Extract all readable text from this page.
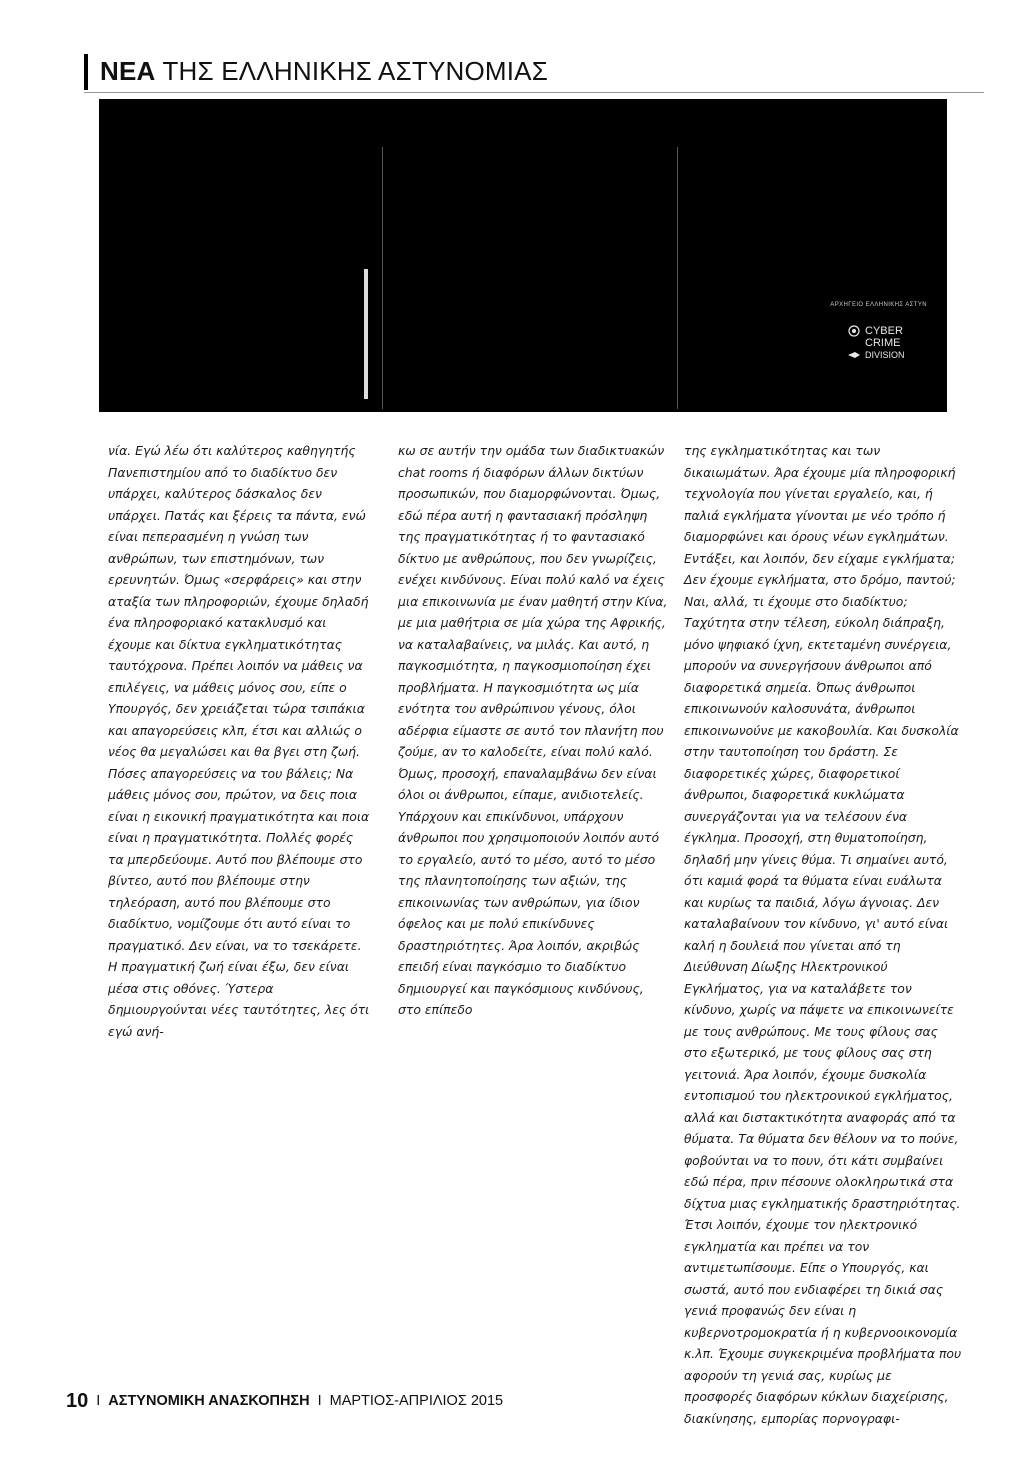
ΝΕΑ ΤΗΣ ΕΛΛΗΝΙΚΗΣ ΑΣΤΥΝΟΜΙΑΣ
ΑΡΧΗΓΕΙΟ ΕΛΛΗΝΙΚΗΣ ΑΣΤΥΝ
CYBER
CRIME
DIVISION

νία. Εγώ λέω ότι καλύτερος καθηγητής Πανεπιστημίου από το διαδίκτυο δεν υπάρχει, καλύτερος δάσκαλος δεν υπάρχει. Πατάς και ξέρεις τα πάντα, ενώ είναι πεπερασμένη η γνώση των ανθρώπων, των επιστημόνων, των ερευνητών. Όμως «σερφάρεις» και στην αταξία των πληροφοριών, έχουμε δηλαδή ένα πληροφοριακό κατακλυσμό και έχουμε και δίκτυα εγκληματικότητας ταυτόχρονα. Πρέπει λοιπόν να μάθεις να επιλέγεις, να μάθεις μόνος σου, είπε ο Υπουργός, δεν χρειάζεται τώρα τσιπάκια και απαγορεύσεις κλπ, έτσι και αλλιώς ο νέος θα μεγαλώσει και θα βγει στη ζωή. Πόσες απαγορεύσεις να του βάλεις; Να μάθεις μόνος σου, πρώτον, να δεις ποια είναι η εικονική πραγματικότητα και ποια είναι η πραγματικότητα. Πολλές φορές τα μπερδεύουμε. Αυτό που βλέπουμε στο βίντεο, αυτό που βλέπουμε στην τηλεόραση, αυτό που βλέπουμε στο διαδίκτυο, νομίζουμε ότι αυτό είναι το πραγματικό. Δεν είναι, να το τσεκάρετε. Η πραγματική ζωή είναι έξω, δεν είναι μέσα στις οθόνες. Ύστερα δημιουργούνται νέες ταυτότητες, λες ότι εγώ ανή-

κω σε αυτήν την ομάδα των διαδικτυακών chat rooms ή διαφόρων άλλων δικτύων προσωπικών, που διαμορφώνονται. Όμως, εδώ πέρα αυτή η φαντασιακή πρόσληψη της πραγματικότητας ή το φαντασιακό δίκτυο με ανθρώπους, που δεν γνωρίζεις, ενέχει κινδύνους. Είναι πολύ καλό να έχεις μια επικοινωνία με έναν μαθητή στην Κίνα, με μια μαθήτρια σε μία χώρα της Αφρικής, να καταλαβαίνεις, να μιλάς. Και αυτό, η παγκοσμιότητα, η παγκοσμιοποίηση έχει προβλήματα. Η παγκοσμιότητα ως μία ενότητα του ανθρώπινου γένους, όλοι αδέρφια είμαστε σε αυτό τον πλανήτη που ζούμε, αν το καλοδείτε, είναι πολύ καλό. Όμως, προσοχή, επαναλαμβάνω δεν είναι όλοι οι άνθρωποι, είπαμε, ανιδιοτελείς. Υπάρχουν και επικίνδυνοι, υπάρχουν άνθρωποι που χρησιμοποιούν λοιπόν αυτό το εργαλείο, αυτό το μέσο, αυτό το μέσο της πλανητοποίησης των αξιών, της επικοινωνίας των ανθρώπων, για ίδιον όφελος και με πολύ επικίνδυνες δραστηριότητες. Άρα λοιπόν, ακριβώς επειδή είναι παγκόσμιο το διαδίκτυο δημιουργεί και παγκόσμιους κινδύνους, στο επίπεδο

της εγκληματικότητας και των δικαιωμάτων. Άρα έχουμε μία πληροφορική τεχνολογία που γίνεται εργαλείο, και, ή παλιά εγκλήματα γίνονται με νέο τρόπο ή διαμορφώνει και όρους νέων εγκλημάτων. Εντάξει, και λοιπόν, δεν είχαμε εγκλήματα; Δεν έχουμε εγκλήματα, στο δρόμο, παντού; Ναι, αλλά, τι έχουμε στο διαδίκτυο; Ταχύτητα στην τέλεση, εύκολη διάπραξη, μόνο ψηφιακό ίχνη, εκτεταμένη συνέργεια, μπορούν να συνεργήσουν άνθρωποι από διαφορετικά σημεία. Όπως άνθρωποι επικοινωνούν καλοσυνάτα, άνθρωποι επικοινωνούνε με κακοβουλία. Και δυσκολία στην ταυτοποίηση του δράστη. Σε διαφορετικές χώρες, διαφορετικοί άνθρωποι, διαφορετικά κυκλώματα συνεργάζονται για να τελέσουν ένα έγκλημα. Προσοχή, στη θυματοποίηση, δηλαδή μην γίνεις θύμα. Τι σημαίνει αυτό, ότι καμιά φορά τα θύματα είναι ευάλωτα και κυρίως τα παιδιά, λόγω άγνοιας. Δεν καταλαβαίνουν τον κίνδυνο, γι' αυτό είναι καλή η δουλειά που γίνεται από τη Διεύθυνση Δίωξης Ηλεκτρονικού Εγκλήματος, για να καταλάβετε τον κίνδυνο, χωρίς να πάψετε να επικοινωνείτε με τους ανθρώπους. Με τους φίλους σας στο εξωτερικό, με τους φίλους σας στη γειτονιά. Άρα λοιπόν, έχουμε δυσκολία εντοπισμού του ηλεκτρονικού εγκλήματος, αλλά και διστακτικότητα αναφοράς από τα θύματα. Τα θύματα δεν θέλουν να το πούνε, φοβούνται να το πουν, ότι κάτι συμβαίνει εδώ πέρα, πριν πέσουνε ολοκληρωτικά στα δίχτυα μιας εγκληματικής δραστηριότητας. Έτσι λοιπόν, έχουμε τον ηλεκτρονικό εγκληματία και πρέπει να τον αντιμετωπίσουμε. Είπε ο Υπουργός, και σωστά, αυτό που ενδιαφέρει τη δικιά σας γενιά προφανώς δεν είναι η κυβερνοτρομοκρατία ή η κυβερνοοικονομία κ.λπ. Έχουμε συγκεκριμένα προβλήματα που αφορούν τη γενιά σας, κυρίως με προσφορές διαφόρων κύκλων διαχείρισης, διακίνησης, εμπορίας πορνογραφι-

10 I ΑΣΤΥΝΟΜΙΚΗ ΑΝΑΣΚΟΠΗΣΗ I ΜΑΡΤΙΟΣ-ΑΠΡΙΛΙΟΣ 2015
